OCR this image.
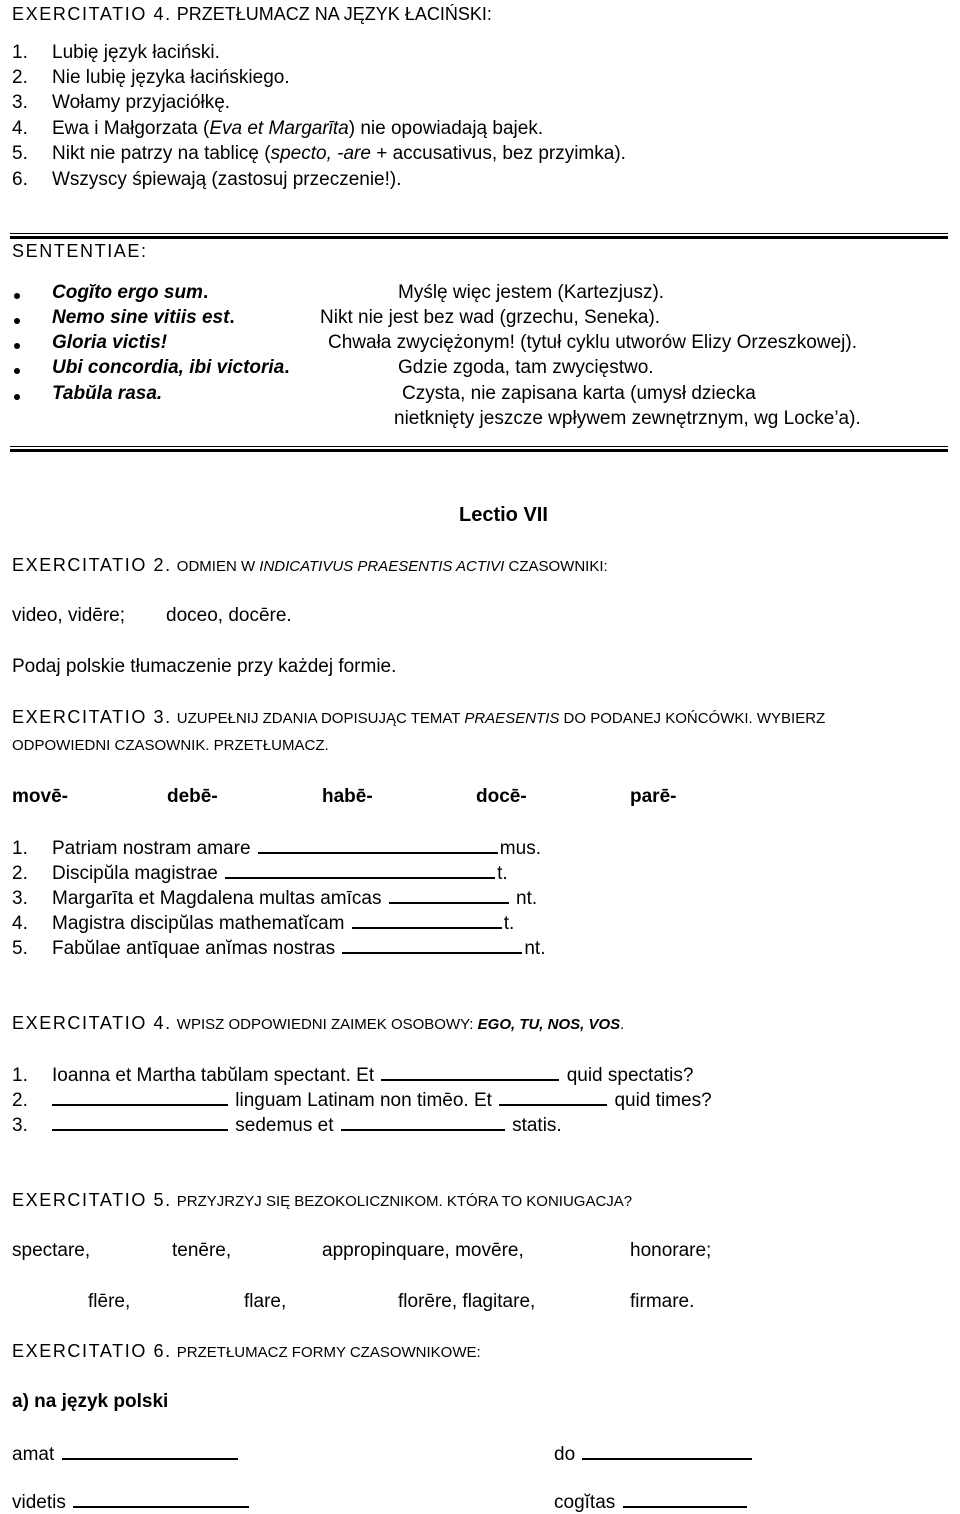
EXERCITATIO 4. PRZETŁUMACZ NA JĘZYK ŁACIŃSKI:
1. Lubię język łaciński.
2. Nie lubię języka łacińskiego.
3. Wołamy przyjaciółkę.
4. Ewa i Małgorzata (Eva et Margarīta) nie opowiadają bajek.
5. Nikt nie patrzy na tablicę (specto, -are + accusativus, bez przyimka).
6. Wszyscy śpiewają (zastosuj przeczenie!).
SENTENTIAE:
Cogĭto ergo sum.	Myślę więc jestem (Kartezjusz).
Nemo sine vitiis est.	Nikt nie jest bez wad (grzechu, Seneka).
Gloria victis!	Chwała zwyciężonym! (tytuł cyklu utworów Elizy Orzeszkowej).
Ubi concordia, ibi victoria.	Gdzie zgoda, tam zwycięstwo.
Tabŭla rasa.	Czysta, nie zapisana karta (umysł dziecka
nietknięty jeszcze wpływem zewnętrznym, wg Locke’a).
Lectio VII
EXERCITATIO 2. ODMIEN W INDICATIVUS PRAESENTIS ACTIVI CZASOWNIKI:
video, vidēre; doceo, docēre.
Podaj polskie tłumaczenie przy każdej formie.
EXERCITATIO 3. UZUPEŁNIJ ZDANIA DOPISUJĄC TEMAT PRAESENTIS DO PODANEJ KOŃCÓWKI. WYBIERZ
ODPOWIEDNI CZASOWNIK. PRZETŁUMACZ.
movē-	debē-	habē-	docē-	parē-
1. Patriam nostram amare	mus.
2. Discipŭla magistrae	t.
3. Margarīta et Magdalena multas amīcas	nt.
4. Magistra discipŭlas mathematĭcam	t.
5. Fabŭlae antīquae anĭmas nostras	nt.
EXERCITATIO 4. WPISZ ODPOWIEDNI ZAIMEK OSOBOWY: EGO, TU, NOS, VOS.
1. Ioanna et Martha tabŭlam spectant. Et	quid spectatis?
2.	linguam Latinam non timēo. Et	quid times?
3.	sedemus et	statis.
EXERCITATIO 5. PRZYJRZYJ SIĘ BEZOKOLICZNIKOM. KTÓRA TO KONIUGACJA?
spectare,	tenēre,	appropinquare, movēre,	honorare;
flēre,	flare,	florēre, flagitare,	firmare.
EXERCITATIO 6. PRZETŁUMACZ FORMY CZASOWNIKOWE:
a) na język polski
amat	do
videtis	cogĭtas
